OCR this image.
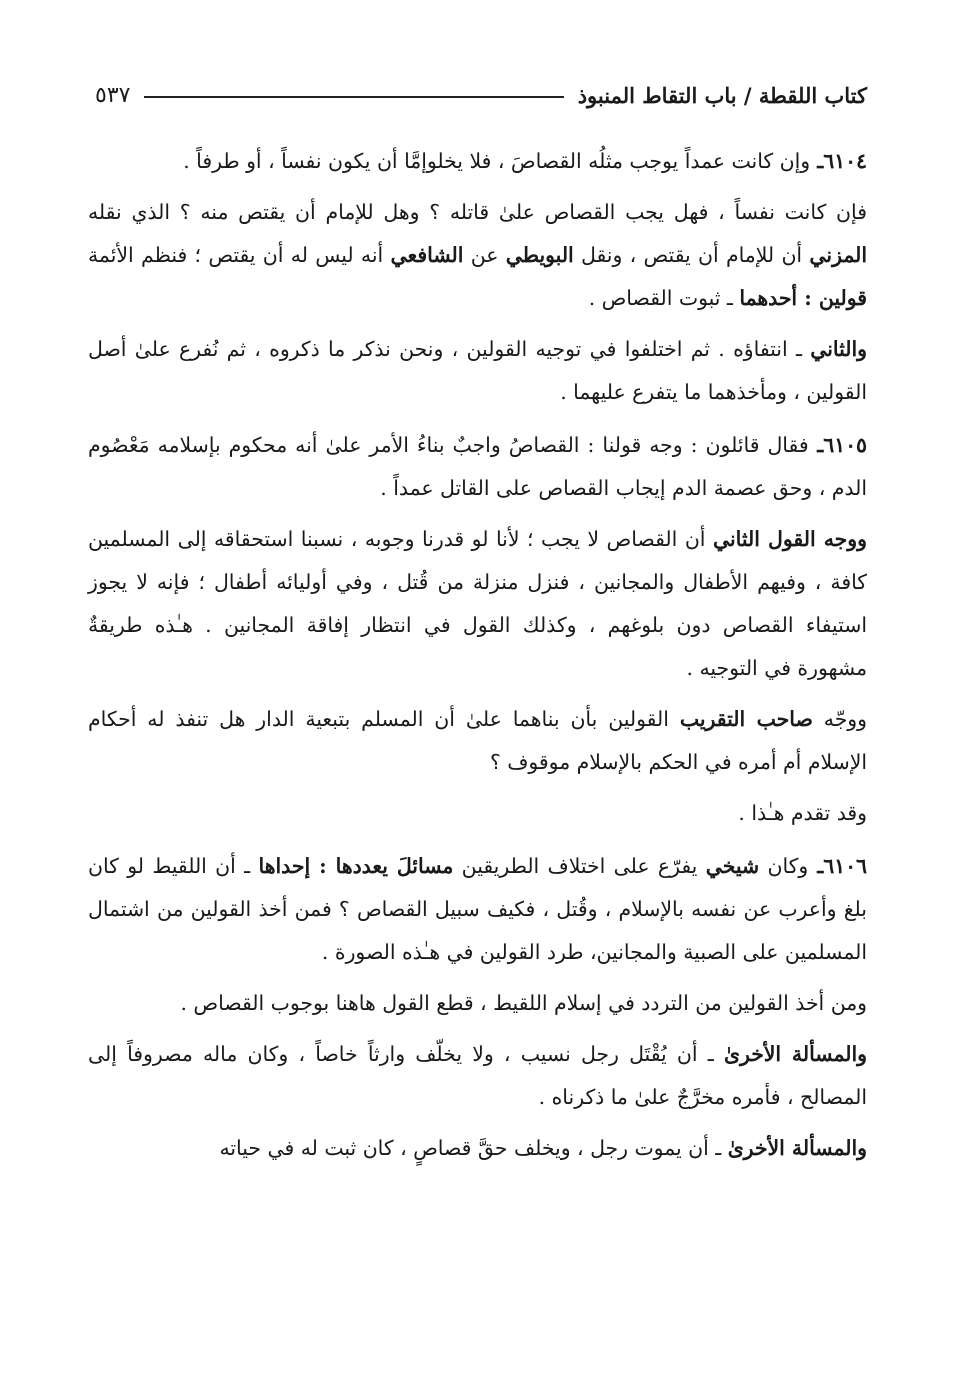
كتاب اللقطة / باب التقاط المنبوذ
٥٣٧

٦١٠٤ـ وإن كانت عمداً يوجب مثلُه القصاصَ ، فلا يخلوإمَّا أن يكون نفساً ، أو طرفاً .

فإن كانت نفساً ، فهل يجب القصاص علىٰ قاتله ؟ وهل للإمام أن يقتص منه ؟ الذي نقله المزني أن للإمام أن يقتص ، ونقل البويطي عن الشافعي أنه ليس له أن يقتص ؛ فنظم الأئمة قولين : أحدهما ـ ثبوت القصاص .

والثاني ـ انتفاؤه . ثم اختلفوا في توجيه القولين ، ونحن نذكر ما ذكروه ، ثم نُفرع علىٰ أصل القولين ، ومأخذهما ما يتفرع عليهما .

٦١٠٥ـ فقال قائلون : وجه قولنا : القصاصُ واجبٌ بناءُ الأمر علىٰ أنه محكوم بإسلامه مَعْصُوم الدم ، وحق عصمة الدم إيجاب القصاص على القاتل عمداً .

ووجه القول الثاني أن القصاص لا يجب ؛ لأنا لو قدرنا وجوبه ، نسبنا استحقاقه إلى المسلمين كافة ، وفيهم الأطفال والمجانين ، فنزل منزلة من قُتل ، وفي أوليائه أطفال ؛ فإنه لا يجوز استيفاء القصاص دون بلوغهم ، وكذلك القول في انتظار إفاقة المجانين . هـٰذه طريقةٌ مشهورة في التوجيه .

ووجّه صاحب التقريب القولين بأن بناهما علىٰ أن المسلم بتبعية الدار هل تنفذ له أحكام الإسلام أم أمره في الحكم بالإسلام موقوف ؟

وقد تقدم هـٰذا .

٦١٠٦ـ وكان شيخي يفرّع على اختلاف الطريقين مسائلَ يعددها : إحداها ـ أن اللقيط لو كان بلغ وأعرب عن نفسه بالإسلام ، وقُتل ، فكيف سبيل القصاص ؟ فمن أخذ القولين من اشتمال المسلمين على الصبية والمجانين، طرد القولين في هـٰذه الصورة .

ومن أخذ القولين من التردد في إسلام اللقيط ، قطع القول هاهنا بوجوب القصاص .

والمسألة الأخرىٰ ـ أن يُقْتَل رجل نسيب ، ولا يخلّف وارثاً خاصاً ، وكان ماله مصروفاً إلى المصالح ، فأمره مخرَّجٌ علىٰ ما ذكرناه .

والمسألة الأخرىٰ ـ أن يموت رجل ، ويخلف حقَّ قصاصٍ ، كان ثبت له في حياته
